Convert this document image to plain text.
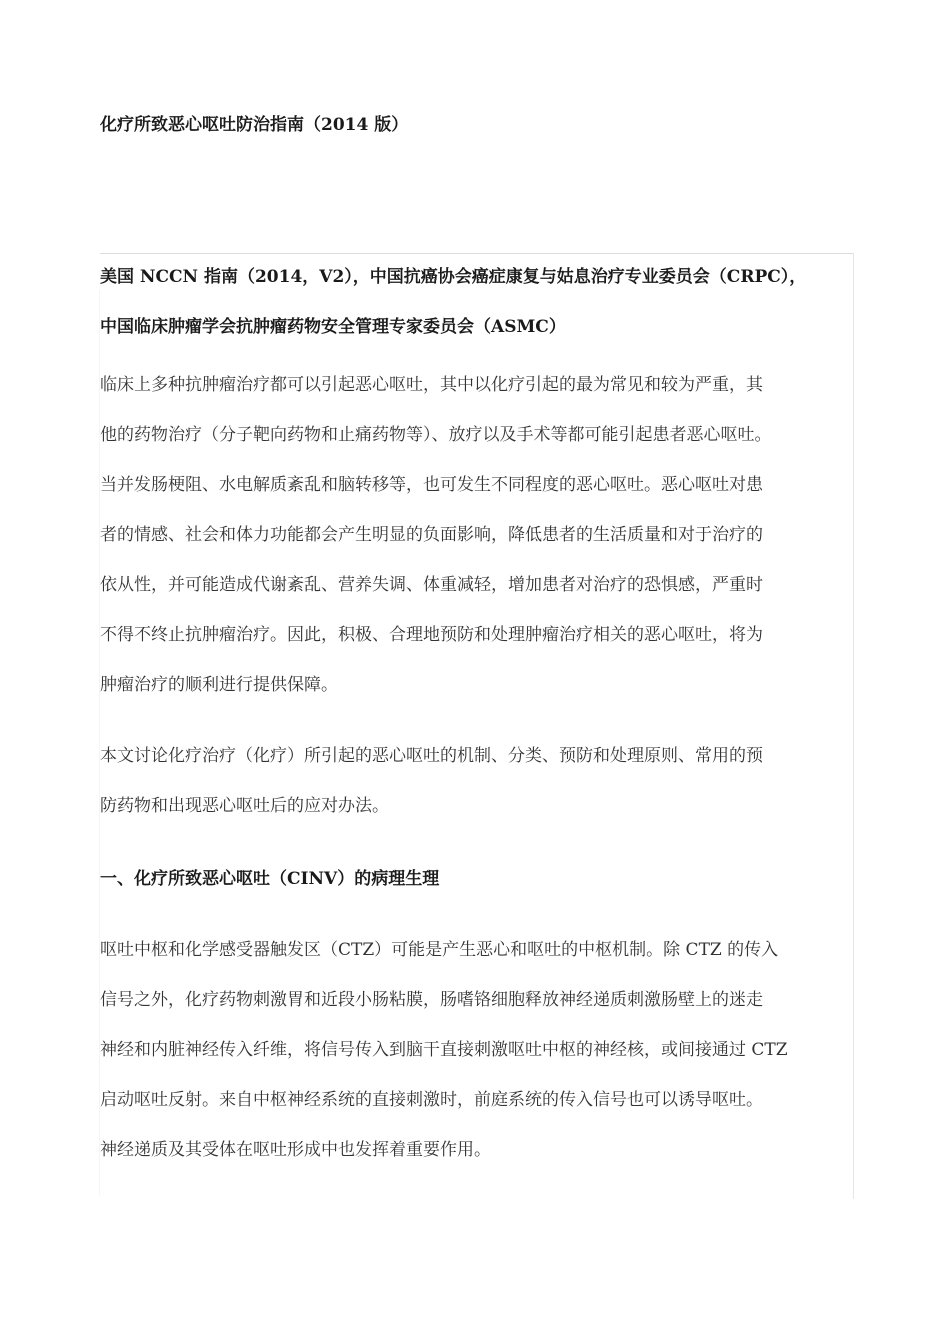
化疗所致恶心呕吐防治指南（2014 版）

美国 NCCN 指南（2014，V2），中国抗癌协会癌症康复与姑息治疗专业委员会（CRPC），
中国临床肿瘤学会抗肿瘤药物安全管理专家委员会（ASMC）

临床上多种抗肿瘤治疗都可以引起恶心呕吐，其中以化疗引起的最为常见和较为严重，其
他的药物治疗（分子靶向药物和止痛药物等）、放疗以及手术等都可能引起患者恶心呕吐。
当并发肠梗阻、水电解质紊乱和脑转移等，也可发生不同程度的恶心呕吐。恶心呕吐对患
者的情感、社会和体力功能都会产生明显的负面影响，降低患者的生活质量和对于治疗的
依从性，并可能造成代谢紊乱、营养失调、体重减轻，增加患者对治疗的恐惧感，严重时
不得不终止抗肿瘤治疗。因此，积极、合理地预防和处理肿瘤治疗相关的恶心呕吐，将为
肿瘤治疗的顺利进行提供保障。

本文讨论化疗治疗（化疗）所引起的恶心呕吐的机制、分类、预防和处理原则、常用的预
防药物和出现恶心呕吐后的应对办法。

一、化疗所致恶心呕吐（CINV）的病理生理

呕吐中枢和化学感受器触发区（CTZ）可能是产生恶心和呕吐的中枢机制。除 CTZ 的传入
信号之外，化疗药物刺激胃和近段小肠粘膜，肠嗜铬细胞释放神经递质刺激肠壁上的迷走
神经和内脏神经传入纤维，将信号传入到脑干直接刺激呕吐中枢的神经核，或间接通过 CTZ
启动呕吐反射。来自中枢神经系统的直接刺激时，前庭系统的传入信号也可以诱导呕吐。
神经递质及其受体在呕吐形成中也发挥着重要作用。
